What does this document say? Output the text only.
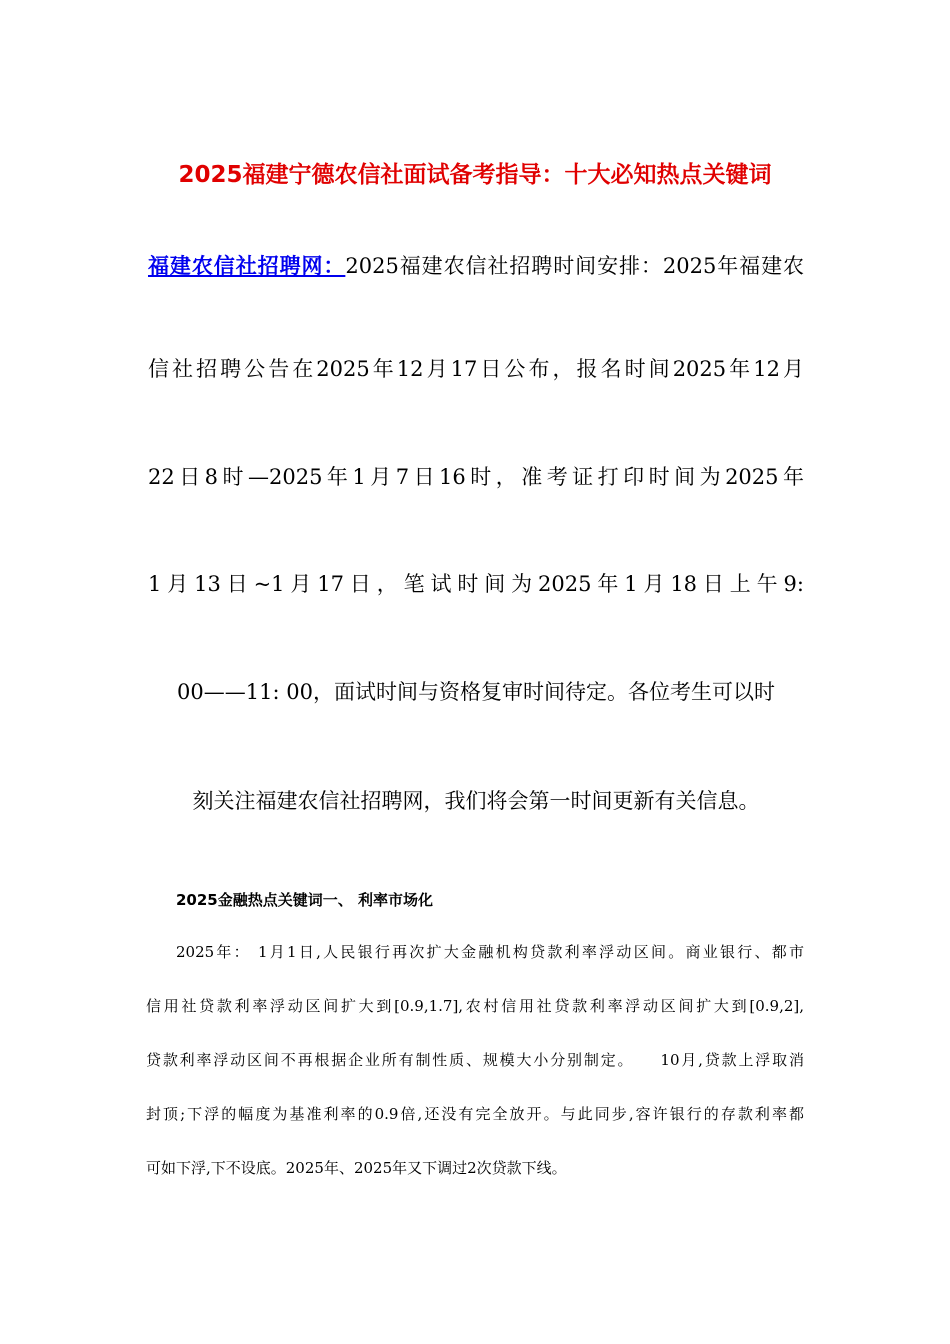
2025福建宁德农信社面试备考指导：十大必知热点关键词

福建农信社招聘网：2025福建农信社招聘时间安排：2025年福建农

信社招聘公告在2025年12月17日公布，报名时间2025年12月

22日8时—2025年1月7日16时，准考证打印时间为2025年

1月13日~1月17日，笔试时间为2025年1月18日上午9:

00——11: 00，面试时间与资格复审时间待定。各位考生可以时

刻关注福建农信社招聘网，我们将会第一时间更新有关信息。

2025金融热点关键词一、 利率市场化

2025年： 1月1日,人民银行再次扩大金融机构贷款利率浮动区间。商业银行、都市

信用社贷款利率浮动区间扩大到[0.9,1.7],农村信用社贷款利率浮动区间扩大到[0.9,2],

贷款利率浮动区间不再根据企业所有制性质、规模大小分别制定。 10月,贷款上浮取消

封顶;下浮的幅度为基准利率的0.9倍,还没有完全放开。与此同步,容许银行的存款利率都

可如下浮,下不设底。2025年、2025年又下调过2次贷款下线。
